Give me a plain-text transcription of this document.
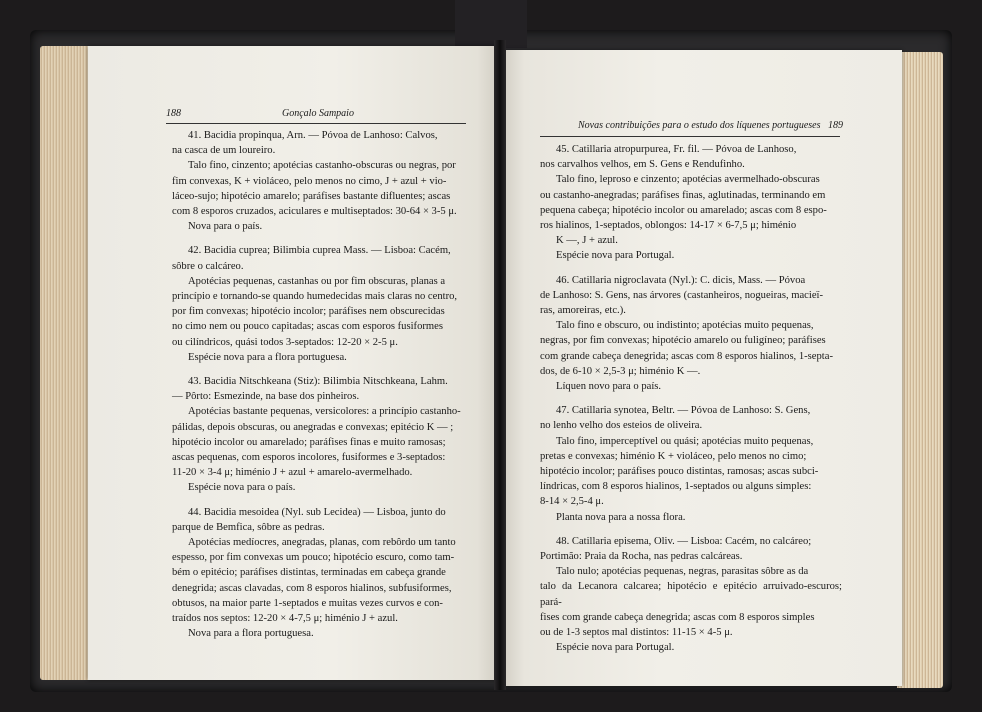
188	Gonçalo Sampaio

41. Bacidia propinqua, Arn. — Póvoa de Lanhoso: Calvos,
na casca de um loureiro.
Talo fino, cinzento; apotécias castanho-obscuras ou negras, por
fim convexas, K + violáceo, pelo menos no cimo, J + azul + vio-
láceo-sujo; hipotécio amarelo; paráfises bastante difluentes; ascas
com 8 esporos cruzados, aciculares e multiseptados: 30-64 × 3-5 μ.
Nova para o país.

42. Bacidia cuprea; Bilimbia cuprea Mass. — Lisboa: Cacém,
sôbre o calcáreo.
Apotécias pequenas, castanhas ou por fim obscuras, planas a
princípio e tornando-se quando humedecidas mais claras no centro,
por fim convexas; hipotécio incolor; paráfises nem obscurecidas
no cimo nem ou pouco capitadas; ascas com esporos fusiformes
ou cilíndricos, quási todos 3-septados: 12-20 × 2-5 μ.
Espécie nova para a flora portuguesa.

43. Bacidia Nitschkeana (Stiz): Bilimbia Nitschkeana, Lahm.
— Pôrto: Esmezinde, na base dos pinheiros.
Apotécias bastante pequenas, versicolores: a princípio castanho-
pálidas, depois obscuras, ou anegradas e convexas; epitécio K — ;
hipotécio incolor ou amarelado; paráfises finas e muito ramosas;
ascas pequenas, com esporos incolores, fusiformes e 3-septados:
11-20 × 3-4 μ; himénio J + azul + amarelo-avermelhado.
Espécie nova para o país.

44. Bacidia mesoidea (Nyl. sub Lecidea) — Lisboa, junto do
parque de Bemfica, sôbre as pedras.
Apotécias medíocres, anegradas, planas, com rebôrdo um tanto
espesso, por fim convexas um pouco; hipotécio escuro, como tam-
bém o epitécio; paráfises distintas, terminadas em cabeça grande
denegrida; ascas clavadas, com 8 esporos hialinos, subfusiformes,
obtusos, na maior parte 1-septados e muitas vezes curvos e con-
traídos nos septos: 12-20 × 4-7,5 μ; himénio J + azul.
Nova para a flora portuguesa.

Novas contribuições para o estudo dos líquenes portugueses 189

45. Catillaria atropurpurea, Fr. fil. — Póvoa de Lanhoso,
nos carvalhos velhos, em S. Gens e Rendufinho.
Talo fino, leproso e cinzento; apotécias avermelhado-obscuras
ou castanho-anegradas; paráfises finas, aglutinadas, terminando em
pequena cabeça; hipotécio incolor ou amarelado; ascas com 8 espo-
ros hialinos, 1-septados, oblongos: 14-17 × 6-7,5 μ; himénio
K —, J + azul.
Espécie nova para Portugal.

46. Catillaria nigroclavata (Nyl.): C. dicis, Mass. — Póvoa
de Lanhoso: S. Gens, nas árvores (castanheiros, nogueiras, macieï-
ras, amoreiras, etc.).
Talo fino e obscuro, ou indistinto; apotécias muito pequenas,
negras, por fim convexas; hipotécio amarelo ou fuligíneo; paráfises
com grande cabeça denegrida; ascas com 8 esporos hialinos, 1-septa-
dos, de 6-10 × 2,5-3 μ; himénio K —.
Líquen novo para o país.

47. Catillaria synotea, Beltr. — Póvoa de Lanhoso: S. Gens,
no lenho velho dos esteios de oliveira.
Talo fino, imperceptível ou quási; apotécias muito pequenas,
pretas e convexas; himénio K + violáceo, pelo menos no cimo;
hipotécio incolor; paráfises pouco distintas, ramosas; ascas subci-
líndricas, com 8 esporos hialinos, 1-septados ou alguns simples:
8-14 × 2,5-4 μ.
Planta nova para a nossa flora.

48. Catillaria episema, Oliv. — Lisboa: Cacém, no calcáreo;
Portimão: Praia da Rocha, nas pedras calcáreas.
Talo nulo; apotécias pequenas, negras, parasitas sôbre as da
talo da Lecanora calcarea; hipotécio e epitécio arruivado-escuros; pará-
fises com grande cabeça denegrida; ascas com 8 esporos simples
ou de 1-3 septos mal distintos: 11-15 × 4-5 μ.
Espécie nova para Portugal.
